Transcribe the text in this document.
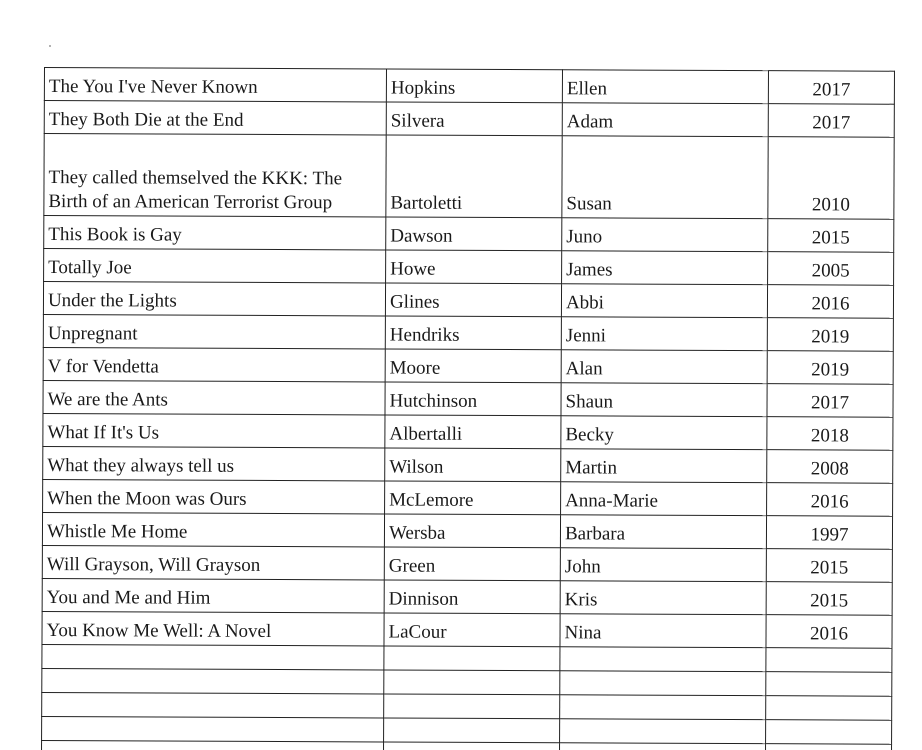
The You I've Never Known	Hopkins	Ellen	2017
They Both Die at the End	Silvera	Adam	2017
They called themselved the KKK: The Birth of an American Terrorist Group	Bartoletti	Susan	2010
This Book is Gay	Dawson	Juno	2015
Totally Joe	Howe	James	2005
Under the Lights	Glines	Abbi	2016
Unpregnant	Hendriks	Jenni	2019
V for Vendetta	Moore	Alan	2019
We are the Ants	Hutchinson	Shaun	2017
What If It's Us	Albertalli	Becky	2018
What they always tell us	Wilson	Martin	2008
When the Moon was Ours	McLemore	Anna-Marie	2016
Whistle Me Home	Wersba	Barbara	1997
Will Grayson, Will Grayson	Green	John	2015
You and Me and Him	Dinnison	Kris	2015
You Know Me Well: A Novel	LaCour	Nina	2016
